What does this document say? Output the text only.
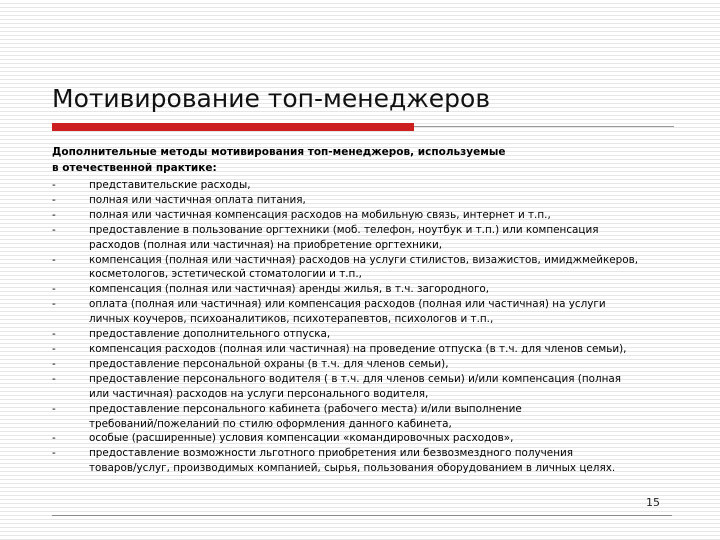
Мотивирование топ-менеджеров
Дополнительные методы мотивирования топ-менеджеров, используемые
в отечественной практике:
-	представительские расходы,
-	полная или частичная оплата питания,
-	полная или частичная компенсация расходов на мобильную связь, интернет и т.п.,
-	предоставление в пользование оргтехники (моб. телефон, ноутбук и т.п.) или компенсация
расходов (полная или частичная) на приобретение оргтехники,
-	компенсация (полная или частичная) расходов на услуги стилистов, визажистов, имиджмейкеров,
косметологов, эстетической стоматологии и т.п.,
-	компенсация (полная или частичная) аренды жилья, в т.ч. загородного,
-	оплата (полная или частичная) или компенсация расходов (полная или частичная) на услуги
личных коучеров, психоаналитиков, психотерапевтов, психологов и т.п.,
-	предоставление дополнительного отпуска,
-	компенсация расходов (полная или частичная) на проведение отпуска (в т.ч. для членов семьи),
-	предоставление персональной охраны (в т.ч. для членов семьи),
-	предоставление персонального водителя ( в т.ч. для членов семьи) и/или компенсация (полная
или частичная) расходов на услуги персонального водителя,
-	предоставление персонального кабинета (рабочего места) и/или выполнение
требований/пожеланий по стилю оформления данного кабинета,
-	особые (расширенные) условия компенсации «командировочных расходов»,
-	предоставление возможности льготного приобретения или безвозмездного получения
товаров/услуг, производимых компанией, сырья, пользования оборудованием в личных целях.
15
